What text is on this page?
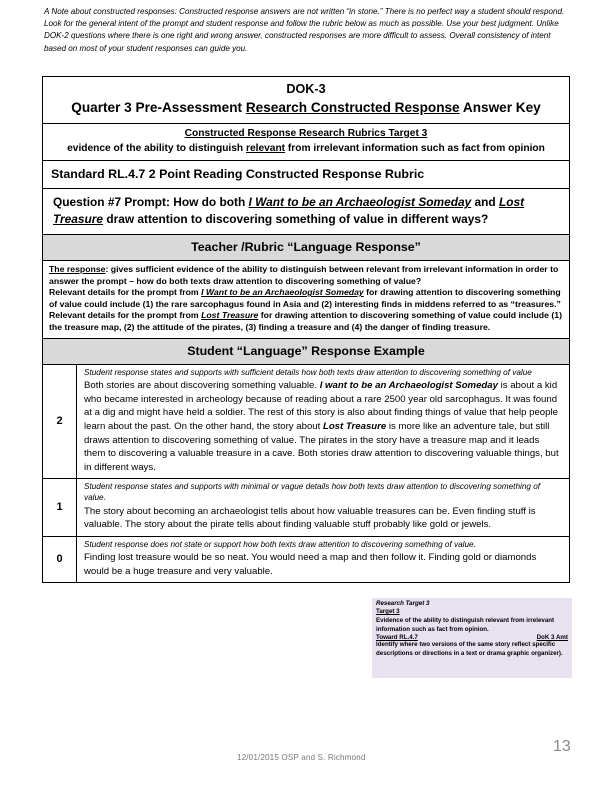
A Note about constructed responses: Constructed response answers are not written “in stone.” There is no perfect way a student should respond. Look for the general intent of the prompt and student response and follow the rubric below as much as possible. Use your best judgment. Unlike DOK-2 questions where there is one right and wrong answer, constructed responses are more difficult to assess. Overall consistency of intent based on most of your student responses can guide you.
DOK-3
Quarter 3 Pre-Assessment Research Constructed Response Answer Key	

Constructed Response Research Rubrics Target 3
evidence of the ability to distinguish relevant from irrelevant information such as fact from opinion	

Standard RL.4.7 2 Point Reading Constructed Response Rubric	

Question #7 Prompt: How do both I Want to be an Archaeologist Someday and Lost Treasure draw attention to discovering something of value in different ways?	

Teacher /Rubric “Language Response”	

The response: gives sufficient evidence of the ability to distinguish between relevant from irrelevant information in order to answer the prompt – how do both texts draw attention to discovering something of value?
Relevant details for the prompt from I Want to be an Archaeologist Someday for drawing attention to discovering something of value could include (1) the rare sarcophagus found in Asia and (2) interesting finds in middens referred to as “treasures.”
Relevant details for the prompt from Lost Treasure for drawing attention to discovering something of value could include (1) the treasure map, (2) the attitude of the pirates, (3) finding a treasure and (4) the danger of finding treasure.	

Student “Language” Response Example	

2	Student response states and supports with sufficient details how both texts draw attention to discovering something of value
Both stories are about discovering something valuable. I want to be an Archaeologist Someday is about a kid who became interested in archeology because of reading about a rare 2500 year old sarcophagus. It was found at a dig and might have held a soldier. The rest of this story is also about finding things of value that help people learn about the past. On the other hand, the story about Lost Treasure is more like an adventure tale, but still draws attention to discovering something of value. The pirates in the story have a treasure map and it leads them to discovering a valuable treasure in a cave. Both stories draw attention to discovering valuable things, but in different ways.

1	Student response states and supports with minimal or vague details how both texts draw attention to discovering something of value.
The story about becoming an archaeologist tells about how valuable treasures can be. Even finding stuff is valuable. The story about the pirate tells about finding valuable stuff probably like gold or jewels.

0	Student response does not state or support how both texts draw attention to discovering something of value.
Finding lost treasure would be so neat. You would need a map and then follow it. Finding gold or diamonds would be a huge treasure and very valuable.
Research Target 3
Target 3
Evidence of the ability to distinguish relevant from irrelevant information such as fact from opinion.
Toward RL.4.7	DoK 3 Amt
Identify where two versions of the same story reflect specific descriptions or directions in a text or drama graphic organizer).
12/01/2015 OSP and S. Richmond
13
